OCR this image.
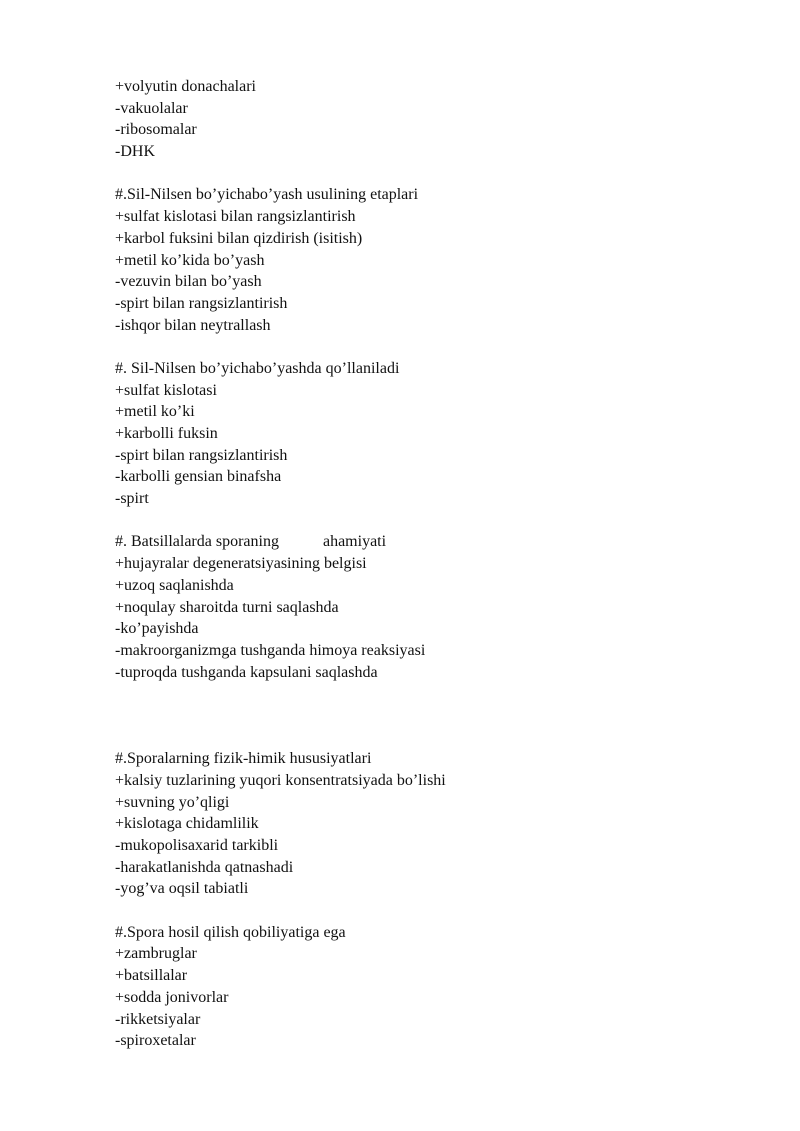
+volyutin donachalari
-vakuolalar
-ribosomalar
-DHK
#.Sil-Nilsen bo’yichabo’yash usulining etaplari
+sulfat kislotasi bilan rangsizlantirish
+karbol fuksini bilan qizdirish (isitish)
+metil ko’kida bo’yash
-vezuvin bilan bo’yash
-spirt bilan rangsizlantirish
-ishqor bilan neytrallash
#. Sil-Nilsen bo’yichabo’yashda qo’llaniladi
+sulfat kislotasi
+metil ko’ki
+karbolli fuksin
-spirt bilan rangsizlantirish
-karbolli gensian binafsha
-spirt
#. Batsillalarda sporaning	ahamiyati
+hujayralar degeneratsiyasining belgisi
+uzoq saqlanishda
+noqulay sharoitda turni saqlashda
-ko’payishda
-makroorganizmga tushganda himoya reaksiyasi
-tuproqda tushganda kapsulani saqlashda
#.Sporalarning fizik-himik hususiyatlari
+kalsiy tuzlarining yuqori konsentratsiyada bo’lishi
+suvning yo’qligi
+kislotaga chidamlilik
-mukopolisaxarid tarkibli
-harakatlanishda qatnashadi
-yog’va oqsil tabiatli
#.Spora hosil qilish qobiliyatiga ega
+zambruglar
+batsillalar
+sodda jonivorlar
-rikketsiyalar
-spiroxetalar
